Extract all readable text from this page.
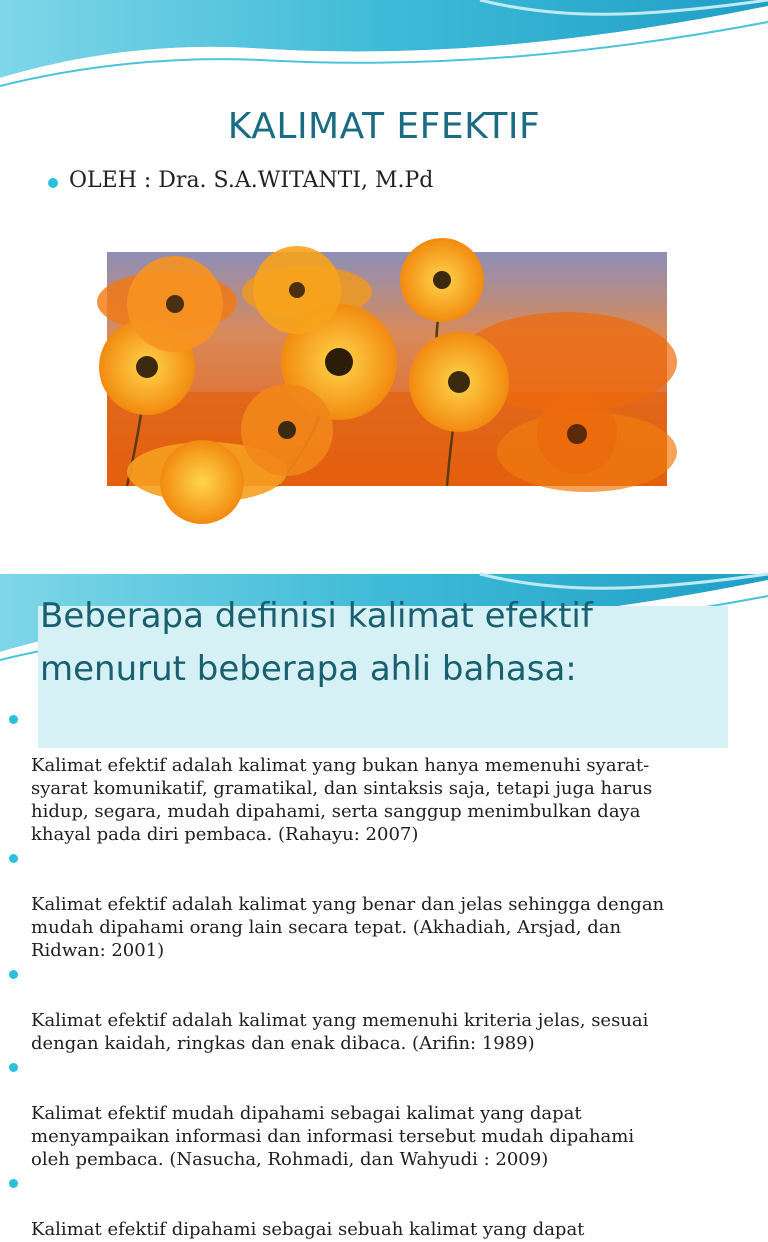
KALIMAT EFEKTIF
OLEH : Dra. S.A.WITANTI, M.Pd
Beberapa definisi kalimat efektif
menurut beberapa ahli bahasa:

Kalimat efektif adalah kalimat yang bukan hanya memenuhi syarat-
syarat komunikatif, gramatikal, dan sintaksis saja, tetapi juga harus
hidup, segara, mudah dipahami, serta sanggup menimbulkan daya
khayal pada diri pembaca. (Rahayu: 2007)

Kalimat efektif adalah kalimat yang benar dan jelas sehingga dengan
mudah dipahami orang lain secara tepat. (Akhadiah, Arsjad, dan
Ridwan: 2001)

Kalimat efektif adalah kalimat yang memenuhi kriteria jelas, sesuai
dengan kaidah, ringkas dan enak dibaca. (Arifin: 1989)

Kalimat efektif mudah dipahami sebagai kalimat yang dapat
menyampaikan informasi dan informasi tersebut mudah dipahami
oleh pembaca. (Nasucha, Rohmadi, dan Wahyudi : 2009)

Kalimat efektif dipahami sebagai sebuah kalimat yang dapat
